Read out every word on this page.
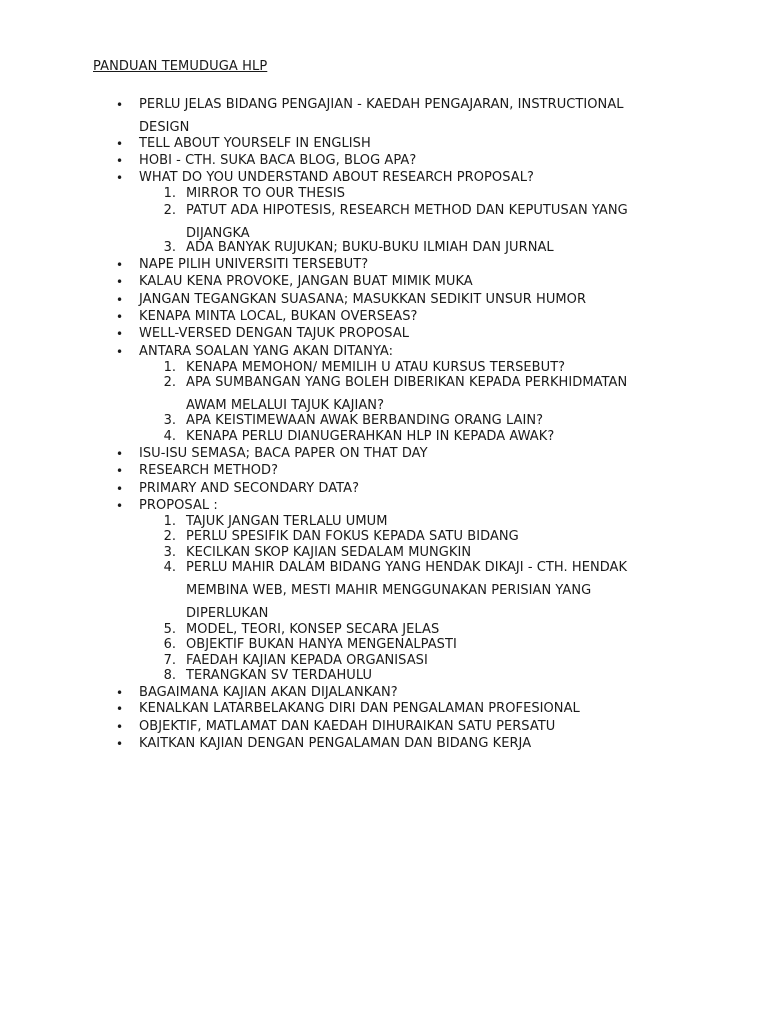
PANDUAN TEMUDUGA HLP
• PERLU JELAS BIDANG PENGAJIAN - KAEDAH PENGAJARAN, INSTRUCTIONAL
DESIGN
• TELL ABOUT YOURSELF IN ENGLISH
• HOBI - CTH. SUKA BACA BLOG, BLOG APA?
• WHAT DO YOU UNDERSTAND ABOUT RESEARCH PROPOSAL?
1. MIRROR TO OUR THESIS
2. PATUT ADA HIPOTESIS, RESEARCH METHOD DAN KEPUTUSAN YANG
DIJANGKA
3. ADA BANYAK RUJUKAN; BUKU-BUKU ILMIAH DAN JURNAL
• NAPE PILIH UNIVERSITI TERSEBUT?
• KALAU KENA PROVOKE, JANGAN BUAT MIMIK MUKA
• JANGAN TEGANGKAN SUASANA; MASUKKAN SEDIKIT UNSUR HUMOR
• KENAPA MINTA LOCAL, BUKAN OVERSEAS?
• WELL-VERSED DENGAN TAJUK PROPOSAL
• ANTARA SOALAN YANG AKAN DITANYA:
1. KENAPA MEMOHON/ MEMILIH U ATAU KURSUS TERSEBUT?
2. APA SUMBANGAN YANG BOLEH DIBERIKAN KEPADA PERKHIDMATAN
AWAM MELALUI TAJUK KAJIAN?
3. APA KEISTIMEWAAN AWAK BERBANDING ORANG LAIN?
4. KENAPA PERLU DIANUGERAHKAN HLP IN KEPADA AWAK?
• ISU-ISU SEMASA; BACA PAPER ON THAT DAY
• RESEARCH METHOD?
• PRIMARY AND SECONDARY DATA?
• PROPOSAL :
1. TAJUK JANGAN TERLALU UMUM
2. PERLU SPESIFIK DAN FOKUS KEPADA SATU BIDANG
3. KECILKAN SKOP KAJIAN SEDALAM MUNGKIN
4. PERLU MAHIR DALAM BIDANG YANG HENDAK DIKAJI - CTH. HENDAK
MEMBINA WEB, MESTI MAHIR MENGGUNAKAN PERISIAN YANG
DIPERLUKAN
5. MODEL, TEORI, KONSEP SECARA JELAS
6. OBJEKTIF BUKAN HANYA MENGENALPASTI
7. FAEDAH KAJIAN KEPADA ORGANISASI
8. TERANGKAN SV TERDAHULU
• BAGAIMANA KAJIAN AKAN DIJALANKAN?
• KENALKAN LATARBELAKANG DIRI DAN PENGALAMAN PROFESIONAL
• OBJEKTIF, MATLAMAT DAN KAEDAH DIHURAIKAN SATU PERSATU
• KAITKAN KAJIAN DENGAN PENGALAMAN DAN BIDANG KERJA
